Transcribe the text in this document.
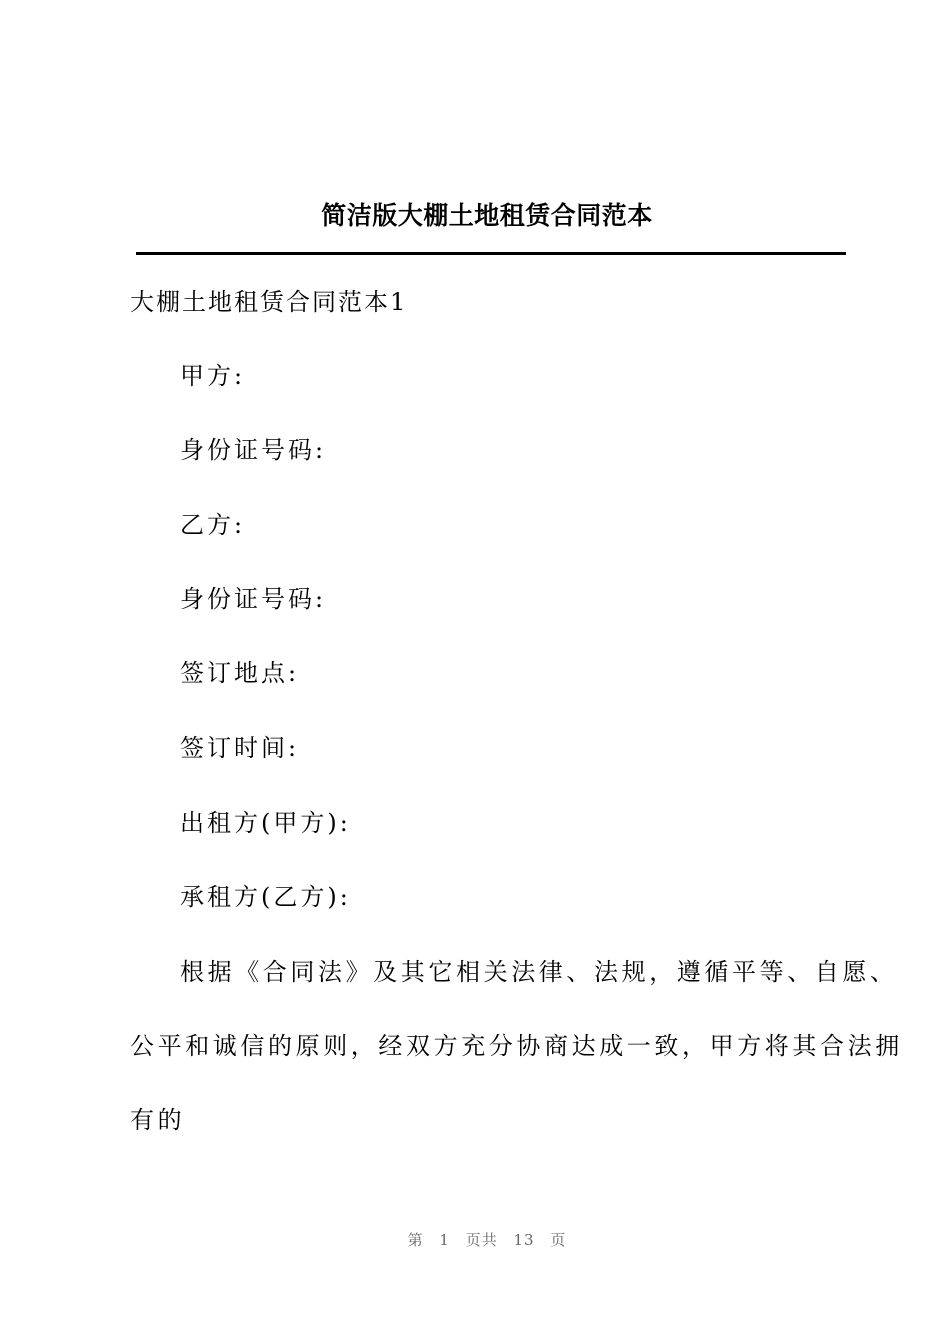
简洁版大棚土地租赁合同范本
大棚土地租赁合同范本1
甲方:
身份证号码:
乙方:
身份证号码:
签订地点:
签订时间:
出租方(甲方):
承租方(乙方):
根据《合同法》及其它相关法律、法规，遵循平等、自愿、
公平和诚信的原则，经双方充分协商达成一致，甲方将其合法拥
有的
第 1 页共 13 页
